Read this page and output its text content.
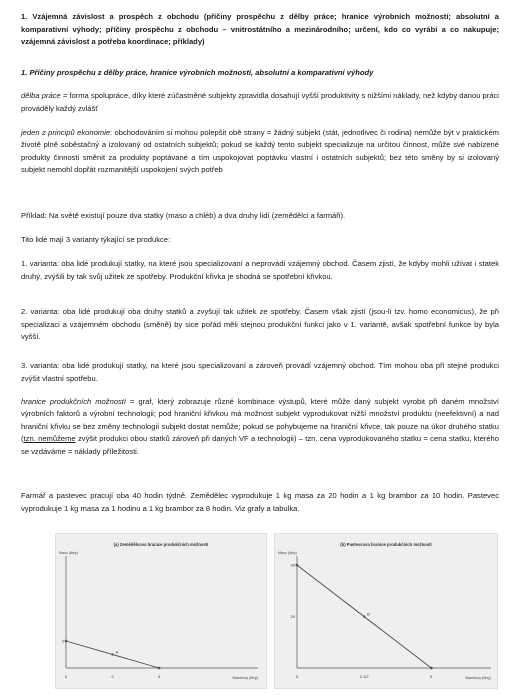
1. Vzájemná závislost a prospěch z obchodu (příčiny prospěchu z dělby práce; hranice výrobních možností; absolutní a komparativní výhody; příčiny prospěchu z obchodu – vnitrostátního a mezinárodního; určení, kdo co vyrábí a co nakupuje; vzájemná závislost a potřeba koordinace; příklady)

1. Příčiny prospěchu z dělby práce, hranice výrobních možností, absolutní a komparativní výhody

dělba práce = forma spolupráce, díky které zúčastněné subjekty zpravidla dosahují vyšší produktivity s nižšími náklady, než kdyby danou práci prováděly každý zvlášť

jeden z principů ekonomie: obchodováním si mohou polepšit obě strany = žádný subjekt (stát, jednotlivec či rodina) nemůže být v praktickém životě plně soběstačný a izolovaný od ostatních subjektů; pokud se každý tento subjekt specializuje na určitou činnost, může své nabízené produkty činnosti směnit za produkty poptávané a tím uspokojovat poptávku vlastní i ostatních subjektů; bez této směny by si izolovaný subjekt nemohl dopřát rozmanitější uspokojení svých potřeb

Příklad: Na světě existují pouze dva statky (maso a chléb) a dva druhy lidí (zemědělci a farmáři).

Tito lidé mají 3 varianty týkající se produkce:

1. varianta: oba lidé produkují statky, na které jsou specializovaní a neprovádí vzájemný obchod. Časem zjistí, že kdyby mohli užívat i statek druhý, zvýšili by tak svůj užitek ze spotřeby. Produkční křivka je shodná se spotřební křivkou.

2. varianta: oba lidé produkují oba druhy statků a zvyšují tak užitek ze spotřeby. Časem však zjistí (jsou-li tzv. homo economicus), že při specializaci a vzájemném obchodu (směně) by sice pořád měli stejnou produkční funkci jako v 1. variantě, avšak spotřební funkce by byla vyšší.

3. varianta: oba lidé produkují statky, na které jsou specializovaní a zároveň provádí vzájemný obchod. Tím mohou oba při stejné produkci zvýšit vlastní spotřebu.

hranice produkčních možností = graf, který zobrazuje různé kombinace výstupů, které může daný subjekt vyrobit při daném množství výrobních faktorů a výrobní technologii; pod hraniční křivkou má možnost subjekt vyprodukovat nižší množství produktu (neefektivní) a nad hraniční křivku se bez změny technologií subjekt dostat nemůže; pokud se pohybujeme na hraniční křivce, tak pouze na úkor druhého statku (tzn. nemůžeme zvýšit produkci obou statků zároveň při daných VF a technologii) – tzn. cena vyprodukovaného statku = cena statku, kterého se vzdáváme = náklady příležitosti.

Farmář a pastevec pracují oba 40 hodin týdně. Zemědělec vyprodukuje 1 kg masa za 20 hodin a 1 kg brambor za 10 hodin. Pastevec vyprodukuje 1 kg masa za 1 hodinu a 1 kg brambor za 8 hodin. Viz grafy a tabulka.

(a) Zemědělcova hranice produkčních možností
Maso (libry)
Brambory (libry)
A
0	2	4
2
(b) Pastevcova hranice produkčních možností
Maso (libry)
Brambory (libry)
B
0	2 1/2	5
40
20
